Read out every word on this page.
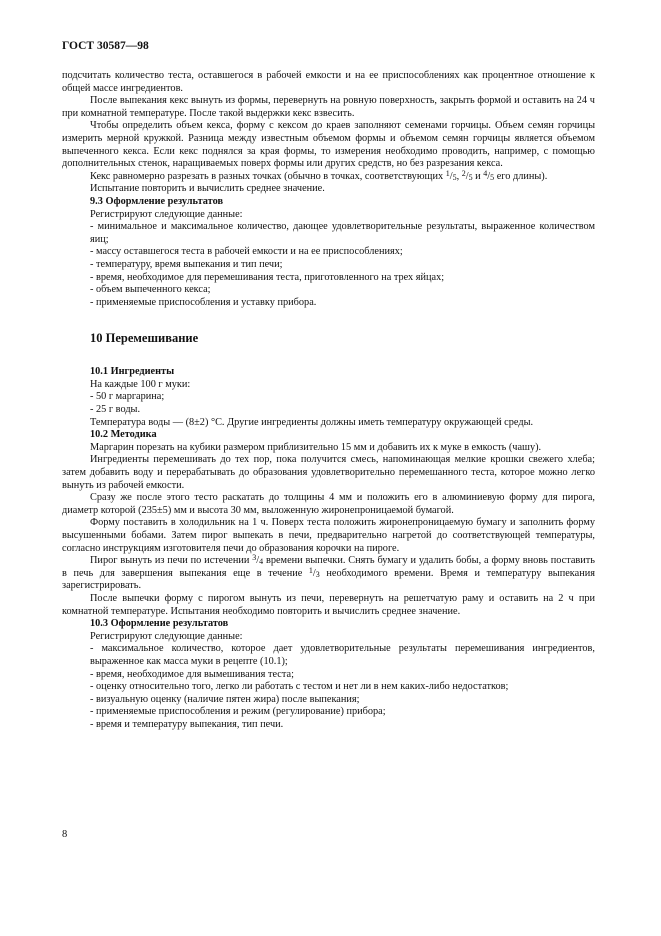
ГОСТ 30587—98

подсчитать количество теста, оставшегося в рабочей емкости и на ее приспособлениях как процентное отношение к общей массе ингредиентов.

После выпекания кекс вынуть из формы, перевернуть на ровную поверхность, закрыть формой и оставить на 24 ч при комнатной температуре. После такой выдержки кекс взвесить.

Чтобы определить объем кекса, форму с кексом до краев заполняют семенами горчицы. Объем семян горчицы измерить мерной кружкой. Разница между известным объемом формы и объемом семян горчицы является объемом выпеченного кекса. Если кекс поднялся за края формы, то измерения необходимо проводить, например, с помощью дополнительных стенок, наращиваемых поверх формы или других средств, но без разрезания кекса.

Кекс равномерно разрезать в разных точках (обычно в точках, соответствующих $^1$/5, $^2$/5 и $^4$/5 его длины).

Испытание повторить и вычислить среднее значение.

9.3 Оформление результатов

Регистрируют следующие данные:

- минимальное и максимальное количество, дающее удовлетворительные результаты, выраженное количеством яиц;

- массу оставшегося теста в рабочей емкости и на ее приспособлениях;

- температуру, время выпекания и тип печи;

- время, необходимое для перемешивания теста, приготовленного на трех яйцах;

- объем выпеченного кекса;

- применяемые приспособления и уставку прибора.

10 Перемешивание

10.1 Ингредиенты

На каждые 100 г муки:

- 50 г маргарина;

- 25 г воды.

Температура воды — (8±2) °С. Другие ингредиенты должны иметь температуру окружающей среды.

10.2 Методика

Маргарин порезать на кубики размером приблизительно 15 мм и добавить их к муке в емкость (чашу).

Ингредиенты перемешивать до тех пор, пока получится смесь, напоминающая мелкие крошки свежего хлеба; затем добавить воду и перерабатывать до образования удовлетворительно перемешанного теста, которое можно легко вынуть из рабочей емкости.

Сразу же после этого тесто раскатать до толщины 4 мм и положить его в алюминиевую форму для пирога, диаметр которой (235±5) мм и высота 30 мм, выложенную жиронепроницаемой бумагой.

Форму поставить в холодильник на 1 ч. Поверх теста положить жиронепроницаемую бумагу и заполнить форму высушенными бобами. Затем пирог выпекать в печи, предварительно нагретой до соответствующей температуры, согласно инструкциям изготовителя печи до образования корочки на пироге.

Пирог вынуть из печи по истечении $^3$/4 времени выпечки. Снять бумагу и удалить бобы, а форму вновь поставить в печь для завершения выпекания еще в течение $^1$/3 необходимого времени. Время и температуру выпекания зарегистрировать.

После выпечки форму с пирогом вынуть из печи, перевернуть на решетчатую раму и оставить на 2 ч при комнатной температуре. Испытания необходимо повторить и вычислить среднее значение.

10.3 Оформление результатов

Регистрируют следующие данные:

- максимальное количество, которое дает удовлетворительные результаты перемешивания ингредиентов, выраженное как масса муки в рецепте (10.1);

- время, необходимое для вымешивания теста;

- оценку относительно того, легко ли работать с тестом и нет ли в нем каких-либо недостатков;

- визуальную оценку (наличие пятен жира) после выпекания;

- применяемые приспособления и режим (регулирование) прибора;

- время и температуру выпекания, тип печи.

8
